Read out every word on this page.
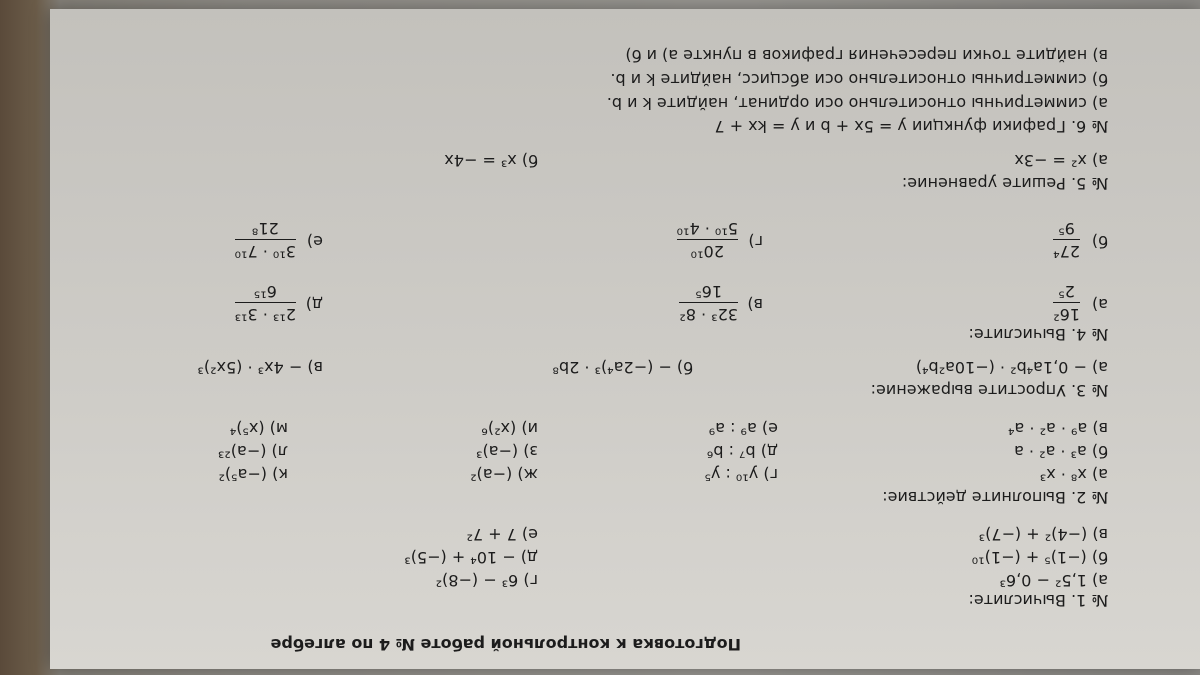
Подготовка к контрольной работе № 4 по алгебре
№ 1. Вычислите:
а) 1,5² − 0,6³
б) (−1)⁵ + (−1)¹⁰
в) (−4)² + (−7)³
г) 6³ − (−8)²
д) − 10⁴ + (−5)³
е) 7 + 7²
№ 2. Выполните действие:
а) x⁸ · x³
б) a³ · a² · a
в) a⁹ · a² · a⁴
г) y¹⁰ : y⁵
д) b⁷ : b⁶
е) a⁹ : a⁹
ж) (−a)²
з) (−a)³
и) (x²)⁶
к) (−a⁵)²
л) (−a)²³
м) (x⁵)⁴
№ 3. Упростите выражение:
а) − 0,1a⁴b² · (−10a²b⁴)
б) − (−2a⁴)³ · 2b⁸
в) − 4x³ · (5x²)³
№ 4. Вычислите:
а)
16²
2⁵
б)
27⁴
9⁵
в)
32³ · 8²
16⁵
г)
20¹⁰
5¹⁰ · 4¹⁰
д)
2¹³ · 3¹³
6¹⁵
е)
3¹⁰ · 7¹⁰
21⁸
№ 5. Решите уравнение:
а) x² = −3x
б) x³ = −4x
№ 6. Графики функции y = 5x + b и y = kx + 7
а) симметричны относительно оси ординат, найдите k и b.
б) симметричны относительно оси абсцисс, найдите k и b.
в) найдите точки пересечения графиков в пункте а) и б)
